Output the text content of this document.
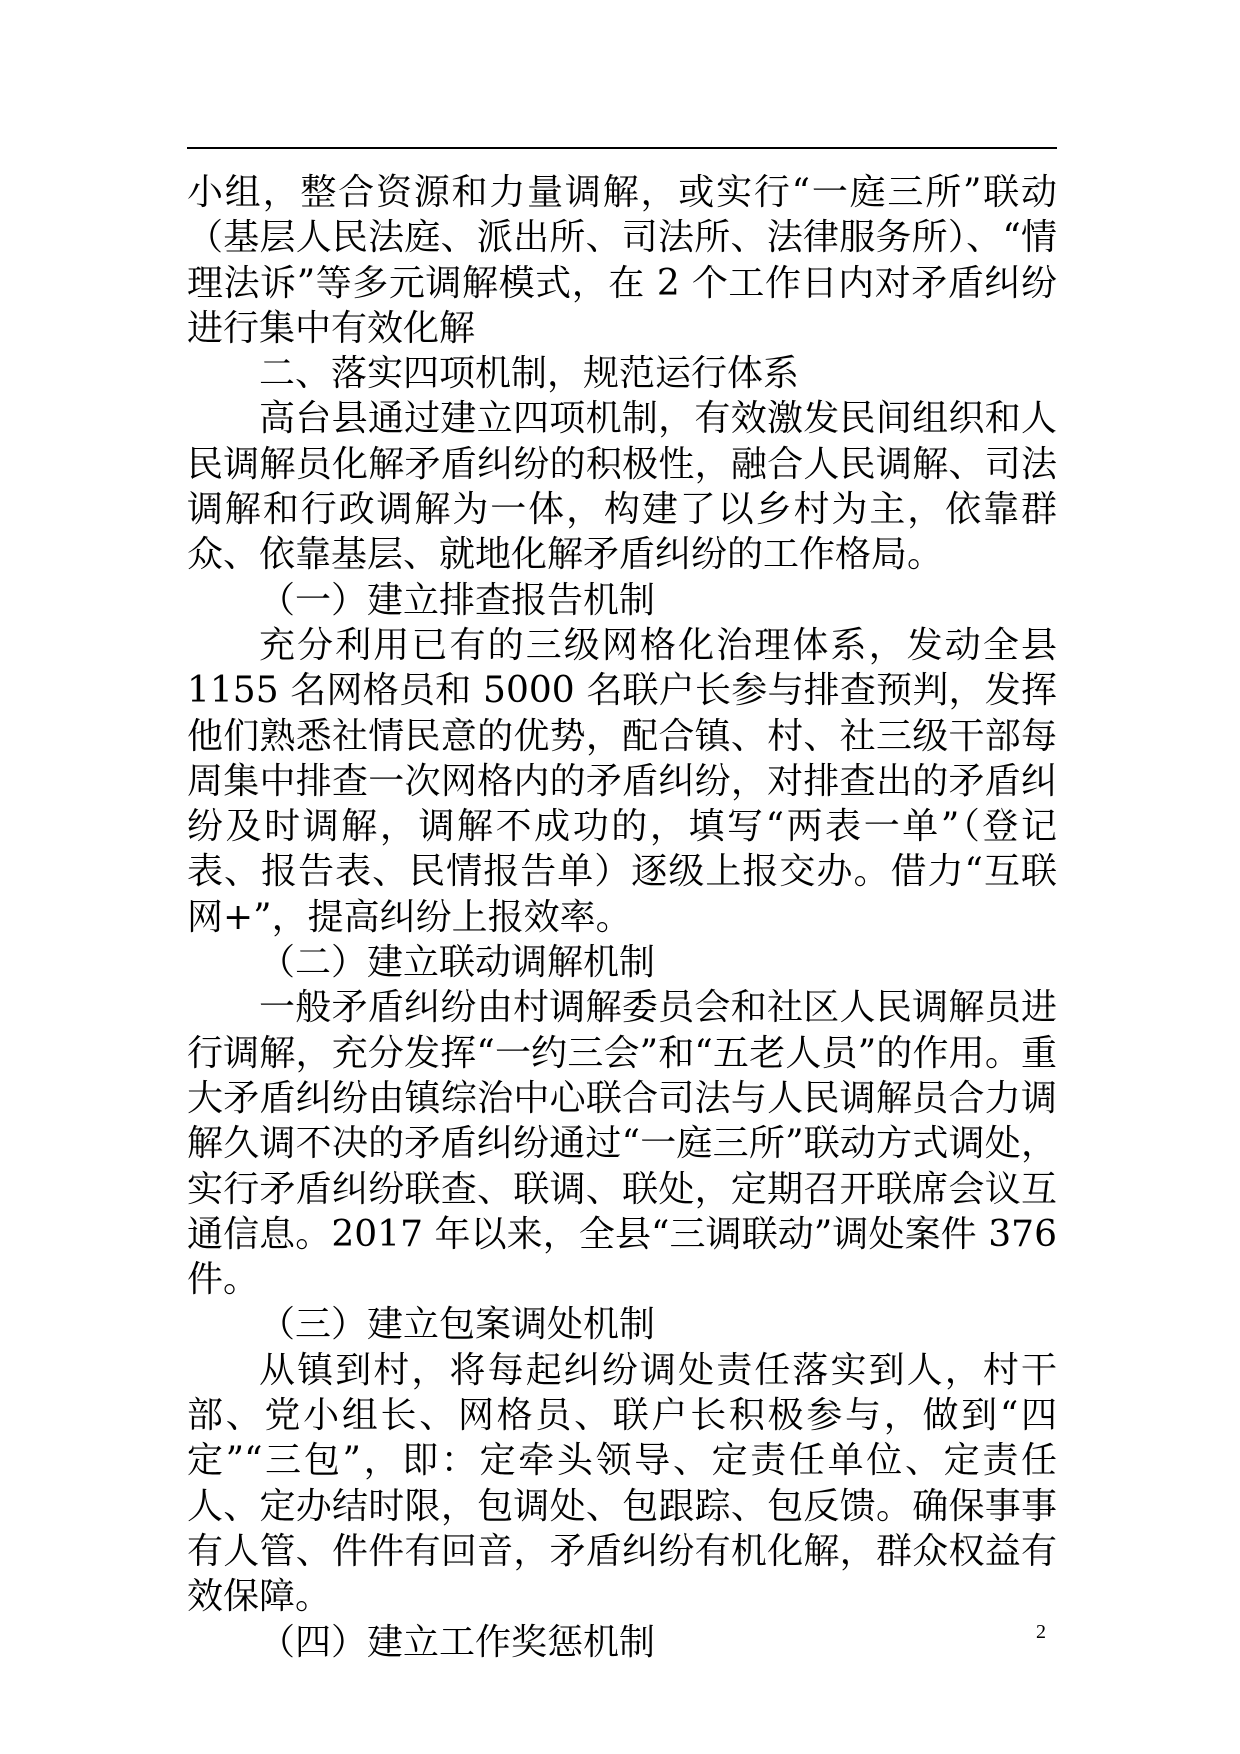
小组，整合资源和力量调解，或实行“一庭三所”联动（基层人民法庭、派出所、司法所、法律服务所）、“情理法诉”等多元调解模式，在 2 个工作日内对矛盾纠纷进行集中有效化解

二、落实四项机制，规范运行体系

高台县通过建立四项机制，有效激发民间组织和人民调解员化解矛盾纠纷的积极性，融合人民调解、司法调解和行政调解为一体，构建了以乡村为主，依靠群众、依靠基层、就地化解矛盾纠纷的工作格局。

（一）建立排查报告机制

充分利用已有的三级网格化治理体系，发动全县 1155 名网格员和 5000 名联户长参与排查预判，发挥他们熟悉社情民意的优势，配合镇、村、社三级干部每周集中排查一次网格内的矛盾纠纷，对排查出的矛盾纠纷及时调解，调解不成功的，填写“两表一单”（登记表、报告表、民情报告单）逐级上报交办。借力“互联网+”，提高纠纷上报效率。

（二）建立联动调解机制

一般矛盾纠纷由村调解委员会和社区人民调解员进行调解，充分发挥“一约三会”和“五老人员”的作用。重大矛盾纠纷由镇综治中心联合司法与人民调解员合力调解久调不决的矛盾纠纷通过“一庭三所”联动方式调处，实行矛盾纠纷联查、联调、联处，定期召开联席会议互通信息。2017 年以来，全县“三调联动”调处案件 376 件。

（三）建立包案调处机制

从镇到村，将每起纠纷调处责任落实到人，村干部、党小组长、网格员、联户长积极参与，做到“四定”“三包”，即：定牵头领导、定责任单位、定责任人、定办结时限，包调处、包跟踪、包反馈。确保事事有人管、件件有回音，矛盾纠纷有机化解，群众权益有效保障。

（四）建立工作奖惩机制	2
